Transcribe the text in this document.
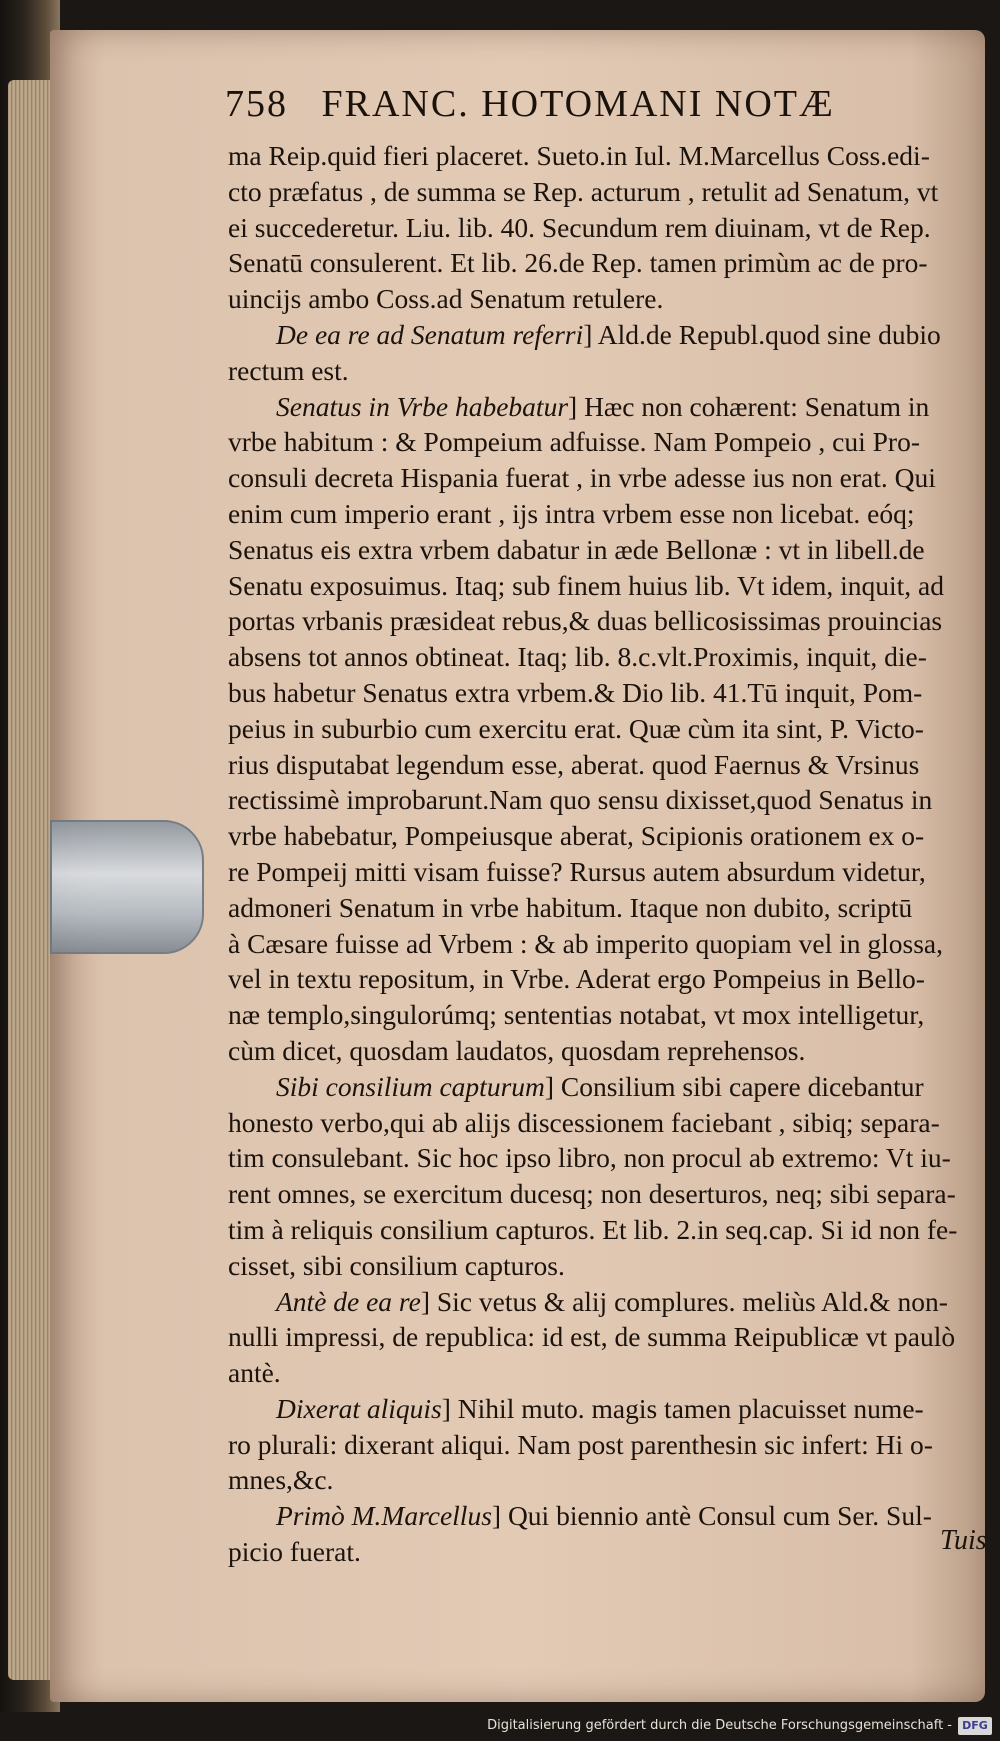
758 FRANC. HOTOMANI NOTÆ
ma Reip.quid fieri placeret. Sueto.in Iul. M.Marcellus Coss.edi-
cto præfatus , de summa se Rep. acturum , retulit ad Senatum, vt
ei succederetur. Liu. lib. 40. Secundum rem diuinam, vt de Rep.
Senatū consulerent. Et lib. 26.de Rep. tamen primùm ac de pro-
uincijs ambo Coss.ad Senatum retulere.
De ea re ad Senatum referri] Ald.de Republ.quod sine dubio
rectum est.
Senatus in Vrbe habebatur] Hæc non cohærent: Senatum in
vrbe habitum : & Pompeium adfuisse. Nam Pompeio , cui Pro-
consuli decreta Hispania fuerat , in vrbe adesse ius non erat. Qui
enim cum imperio erant , ijs intra vrbem esse non licebat. eóq;
Senatus eis extra vrbem dabatur in æde Bellonæ : vt in libell.de
Senatu exposuimus. Itaq; sub finem huius lib. Vt idem, inquit, ad
portas vrbanis præsideat rebus,& duas bellicosissimas prouincias
absens tot annos obtineat. Itaq; lib. 8.c.vlt.Proximis, inquit, die-
bus habetur Senatus extra vrbem.& Dio lib. 41.Tū inquit, Pom-
peius in suburbio cum exercitu erat. Quæ cùm ita sint, P. Victo-
rius disputabat legendum esse, aberat. quod Faernus & Vrsinus
rectissimè improbarunt.Nam quo sensu dixisset,quod Senatus in
vrbe habebatur, Pompeiusque aberat, Scipionis orationem ex o-
re Pompeij mitti visam fuisse? Rursus autem absurdum videtur,
admoneri Senatum in vrbe habitum. Itaque non dubito, scriptū
à Cæsare fuisse ad Vrbem : & ab imperito quopiam vel in glossa,
vel in textu repositum, in Vrbe. Aderat ergo Pompeius in Bello-
næ templo,singulorúmq; sententias notabat, vt mox intelligetur,
cùm dicet, quosdam laudatos, quosdam reprehensos.
Sibi consilium capturum] Consilium sibi capere dicebantur
honesto verbo,qui ab alijs discessionem faciebant , sibiq; separa-
tim consulebant. Sic hoc ipso libro, non procul ab extremo: Vt iu-
rent omnes, se exercitum ducesq; non deserturos, neq; sibi separa-
tim à reliquis consilium capturos. Et lib. 2.in seq.cap. Si id non fe-
cisset, sibi consilium capturos.
Antè de ea re] Sic vetus & alij complures. meliùs Ald.& non-
nulli impressi, de republica: id est, de summa Reipublicæ vt paulò
antè.
Dixerat aliquis] Nihil muto. magis tamen placuisset nume-
ro plurali: dixerant aliqui. Nam post parenthesin sic infert: Hi o-
mnes,&c.
Primò M.Marcellus] Qui biennio antè Consul cum Ser. Sul-
picio fuerat.	Tuis
Digitalisierung gefördert durch die Deutsche Forschungsgemeinschaft - DFG
